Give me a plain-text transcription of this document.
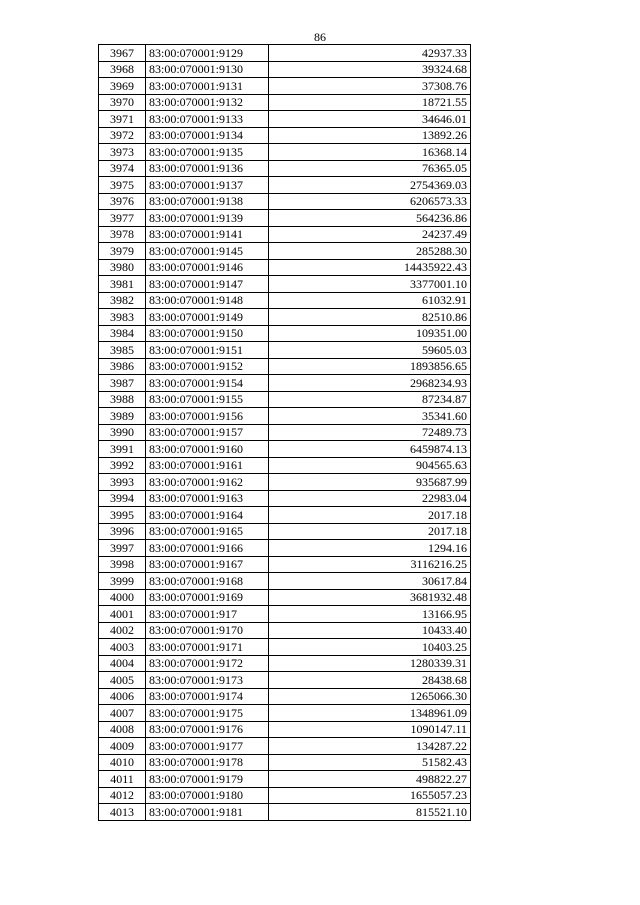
86
3967	83:00:070001:9129	42937.33
3968	83:00:070001:9130	39324.68
3969	83:00:070001:9131	37308.76
3970	83:00:070001:9132	18721.55
3971	83:00:070001:9133	34646.01
3972	83:00:070001:9134	13892.26
3973	83:00:070001:9135	16368.14
3974	83:00:070001:9136	76365.05
3975	83:00:070001:9137	2754369.03
3976	83:00:070001:9138	6206573.33
3977	83:00:070001:9139	564236.86
3978	83:00:070001:9141	24237.49
3979	83:00:070001:9145	285288.30
3980	83:00:070001:9146	14435922.43
3981	83:00:070001:9147	3377001.10
3982	83:00:070001:9148	61032.91
3983	83:00:070001:9149	82510.86
3984	83:00:070001:9150	109351.00
3985	83:00:070001:9151	59605.03
3986	83:00:070001:9152	1893856.65
3987	83:00:070001:9154	2968234.93
3988	83:00:070001:9155	87234.87
3989	83:00:070001:9156	35341.60
3990	83:00:070001:9157	72489.73
3991	83:00:070001:9160	6459874.13
3992	83:00:070001:9161	904565.63
3993	83:00:070001:9162	935687.99
3994	83:00:070001:9163	22983.04
3995	83:00:070001:9164	2017.18
3996	83:00:070001:9165	2017.18
3997	83:00:070001:9166	1294.16
3998	83:00:070001:9167	3116216.25
3999	83:00:070001:9168	30617.84
4000	83:00:070001:9169	3681932.48
4001	83:00:070001:917	13166.95
4002	83:00:070001:9170	10433.40
4003	83:00:070001:9171	10403.25
4004	83:00:070001:9172	1280339.31
4005	83:00:070001:9173	28438.68
4006	83:00:070001:9174	1265066.30
4007	83:00:070001:9175	1348961.09
4008	83:00:070001:9176	1090147.11
4009	83:00:070001:9177	134287.22
4010	83:00:070001:9178	51582.43
4011	83:00:070001:9179	498822.27
4012	83:00:070001:9180	1655057.23
4013	83:00:070001:9181	815521.10
